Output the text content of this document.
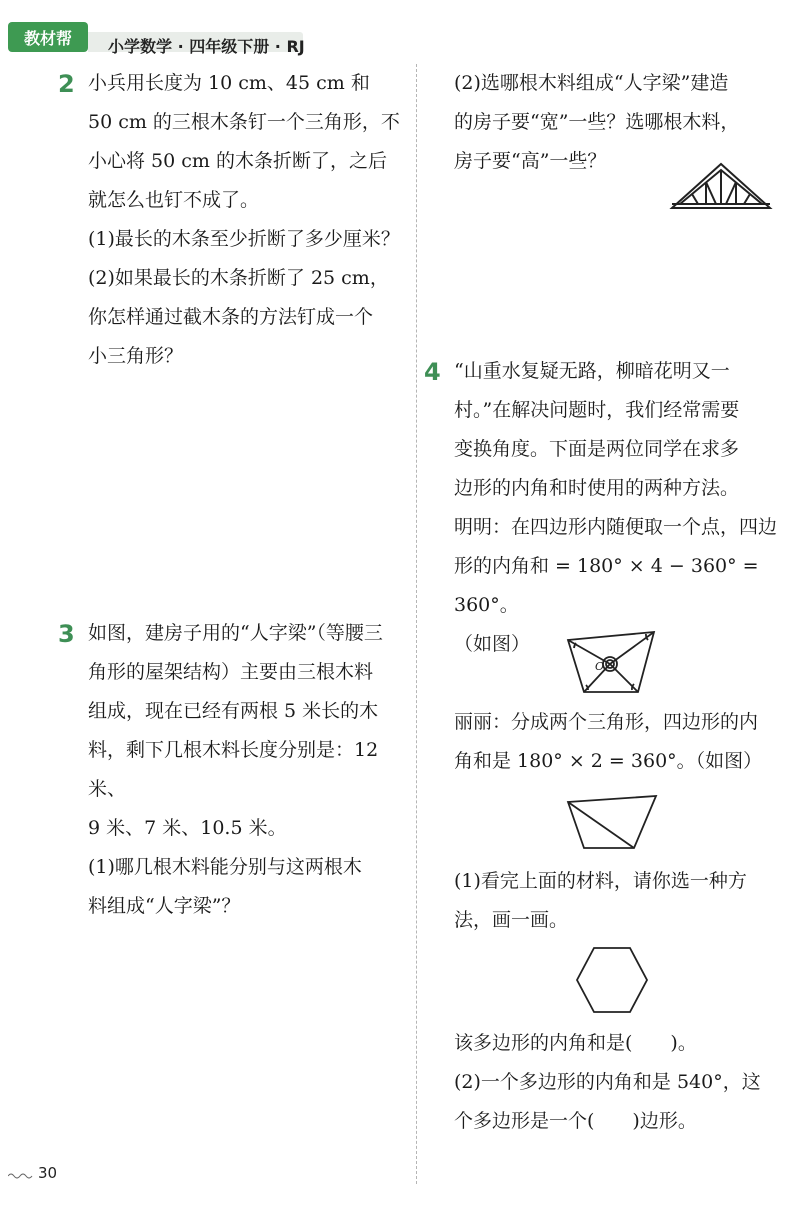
教材帮	小学数学 · 四年级下册 · RJ
2 小兵用长度为 10 cm、45 cm 和

50 cm 的三根木条钉一个三角形，不

小心将 50 cm 的木条折断了，之后

就怎么也钉不成了。

(1)最长的木条至少折断了多少厘米？

(2)如果最长的木条折断了 25 cm，

你怎样通过截木条的方法钉成一个

小三角形？

3 如图，建房子用的“人字梁”（等腰三

角形的屋架结构）主要由三根木料

组成，现在已经有两根 5 米长的木

料，剩下几根木料长度分别是：12 米、

9 米、7 米、10.5 米。

(1)哪几根木料能分别与这两根木

料组成“人字梁”？

(2)选哪根木料组成“人字梁”建造

的房子要“宽”一些？选哪根木料，

房子要“高”一些？

4 “山重水复疑无路，柳暗花明又一

村。”在解决问题时，我们经常需要

变换角度。下面是两位同学在求多

边形的内角和时使用的两种方法。

明明：在四边形内随便取一个点，四边

形的内角和 = 180° × 4 − 360° = 360°。

（如图）

O

丽丽：分成两个三角形，四边形的内

角和是 180° × 2 = 360°。（如图）

(1)看完上面的材料，请你选一种方

法，画一画。

该多边形的内角和是(　　)。

(2)一个多边形的内角和是 540°，这

个多边形是一个(　　)边形。

30
